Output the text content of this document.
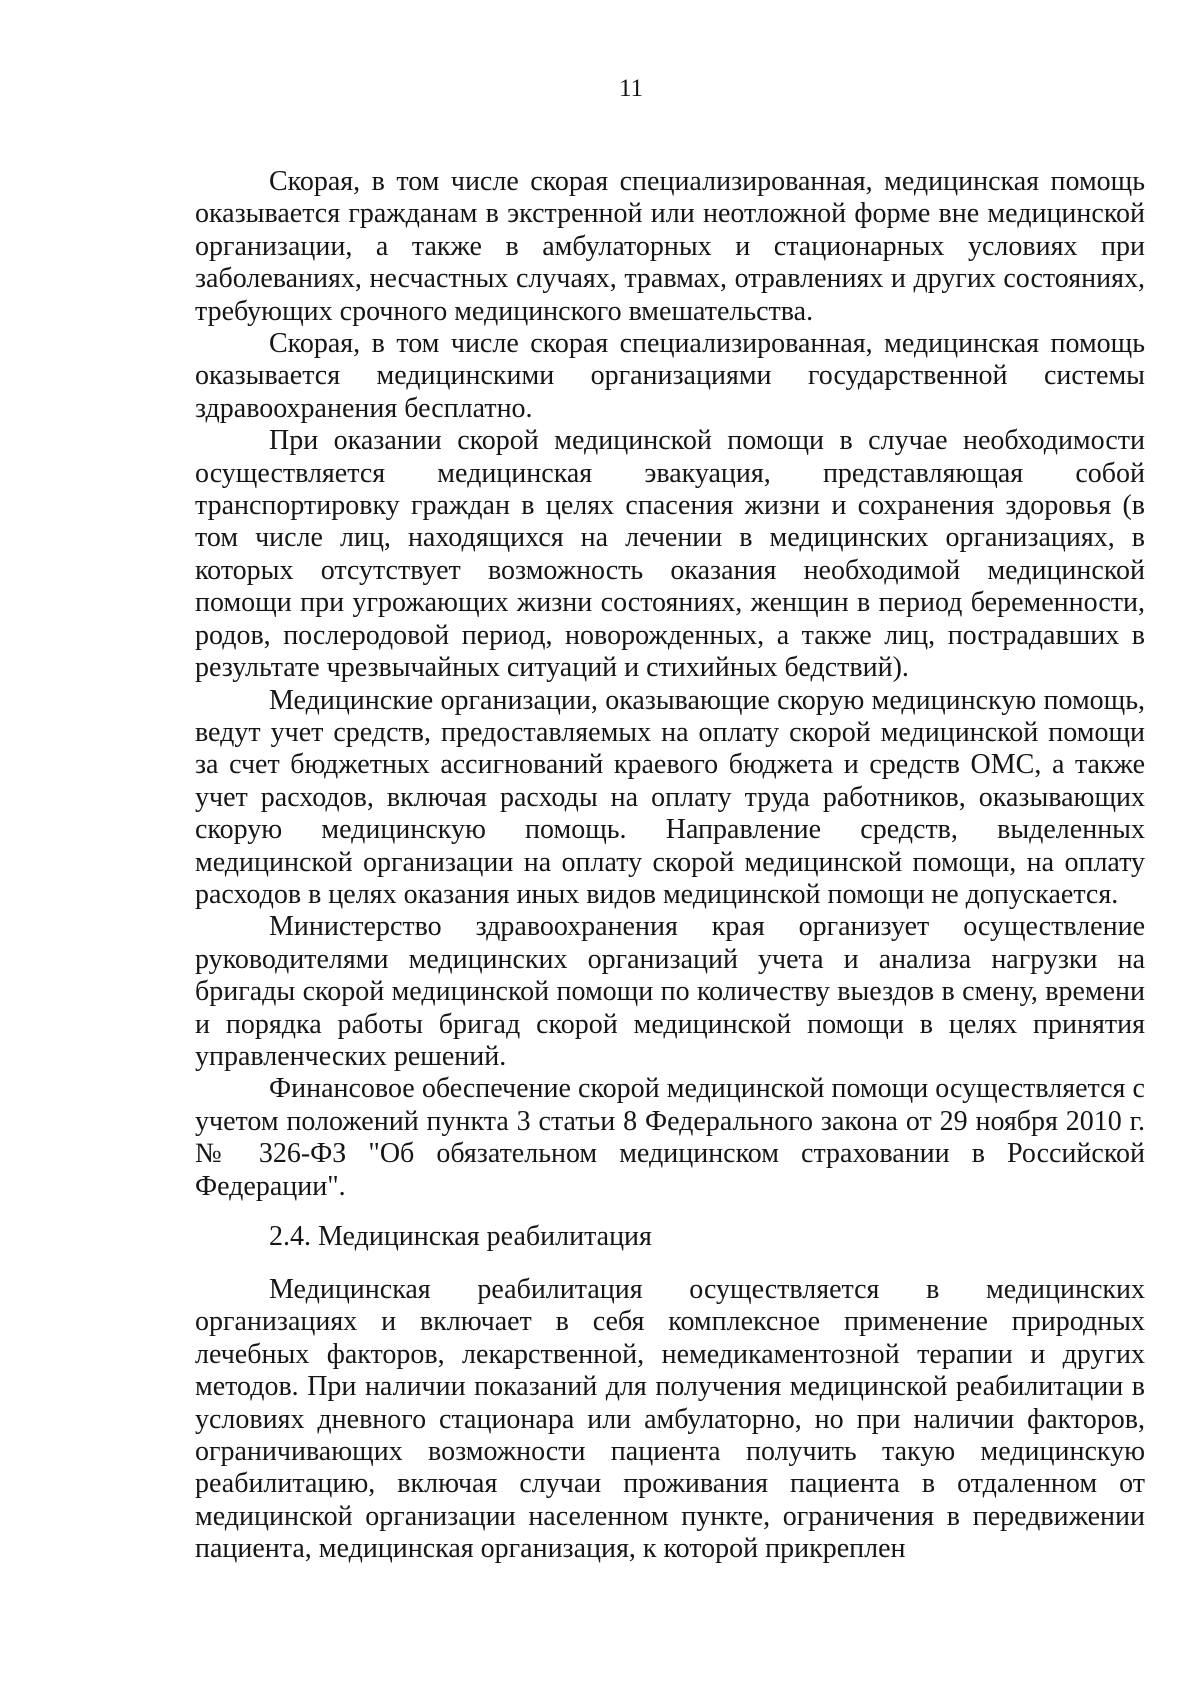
11

Скорая, в том числе скорая специализированная, медицинская помощь оказывается гражданам в экстренной или неотложной форме вне медицинской организации, а также в амбулаторных и стационарных условиях при заболеваниях, несчастных случаях, травмах, отравлениях и других состояниях, требующих срочного медицинского вмешательства.

Скорая, в том числе скорая специализированная, медицинская помощь оказывается медицинскими организациями государственной системы здравоохранения бесплатно.

При оказании скорой медицинской помощи в случае необходимости осуществляется медицинская эвакуация, представляющая собой транспортировку граждан в целях спасения жизни и сохранения здоровья (в том числе лиц, находящихся на лечении в медицинских организациях, в которых отсутствует возможность оказания необходимой медицинской помощи при угрожающих жизни состояниях, женщин в период беременности, родов, послеродовой период, новорожденных, а также лиц, пострадавших в результате чрезвычайных ситуаций и стихийных бедствий).

Медицинские организации, оказывающие скорую медицинскую помощь, ведут учет средств, предоставляемых на оплату скорой медицинской помощи за счет бюджетных ассигнований краевого бюджета и средств ОМС, а также учет расходов, включая расходы на оплату труда работников, оказывающих скорую медицинскую помощь. Направление средств, выделенных медицинской организации на оплату скорой медицинской помощи, на оплату расходов в целях оказания иных видов медицинской помощи не допускается.

Министерство здравоохранения края организует осуществление руководителями медицинских организаций учета и анализа нагрузки на бригады скорой медицинской помощи по количеству выездов в смену, времени и порядка работы бригад скорой медицинской помощи в целях принятия управленческих решений.

Финансовое обеспечение скорой медицинской помощи осуществляется с учетом положений пункта 3 статьи 8 Федерального закона от 29 ноября 2010 г. № 326-ФЗ "Об обязательном медицинском страховании в Российской Федерации".

2.4. Медицинская реабилитация

Медицинская реабилитация осуществляется в медицинских организациях и включает в себя комплексное применение природных лечебных факторов, лекарственной, немедикаментозной терапии и других методов. При наличии показаний для получения медицинской реабилитации в условиях дневного стационара или амбулаторно, но при наличии факторов, ограничивающих возможности пациента получить такую медицинскую реабилитацию, включая случаи проживания пациента в отдаленном от медицинской организации населенном пункте, ограничения в передвижении пациента, медицинская организация, к которой прикреплен
